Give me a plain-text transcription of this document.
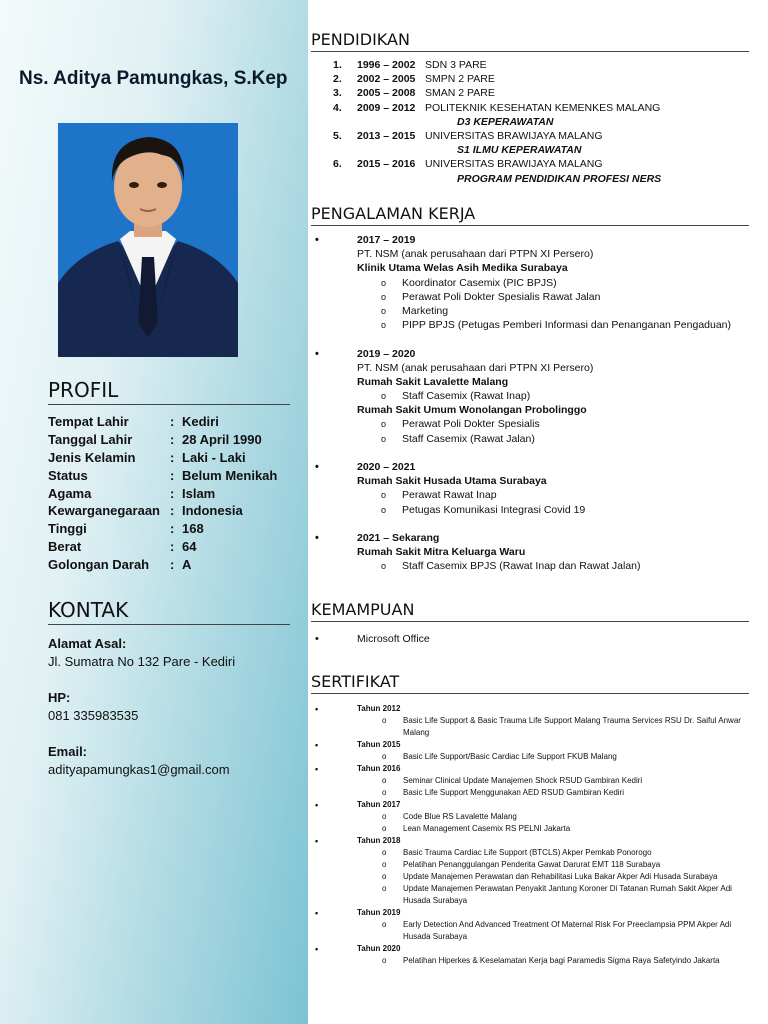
Ns. Aditya Pamungkas, S.Kep
PROFIL
Tempat Lahir	: Kediri
Tanggal Lahir	: 28 April 1990
Jenis Kelamin	: Laki - Laki
Status	: Belum Menikah
Agama	: Islam
Kewarganegaraan : Indonesia
Tinggi	: 168
Berat	: 64
Golongan Darah	: A
KONTAK
Alamat Asal:
Jl. Sumatra No 132 Pare - Kediri
HP:
081 335983535
Email:
adityapamungkas1@gmail.com
PENDIDIKAN
1.	1996 – 2002 SDN 3 PARE
2.	2002 – 2005 SMPN 2 PARE
3.	2005 – 2008 SMAN 2 PARE
4.	2009 – 2012 POLITEKNIK KESEHATAN KEMENKES MALANG
D3 KEPERAWATAN
5.	2013 – 2015 UNIVERSITAS BRAWIJAYA MALANG
S1 ILMU KEPERAWATAN
6.	2015 – 2016 UNIVERSITAS BRAWIJAYA MALANG
PROGRAM PENDIDIKAN PROFESI NERS
PENGALAMAN KERJA
• 2017 – 2019
PT. NSM (anak perusahaan dari PTPN XI Persero)
Klinik Utama Welas Asih Medika Surabaya
o Koordinator Casemix (PIC BPJS)
o Perawat Poli Dokter Spesialis Rawat Jalan
o Marketing
o PIPP BPJS (Petugas Pemberi Informasi dan Penanganan Pengaduan)
• 2019 – 2020
PT. NSM (anak perusahaan dari PTPN XI Persero)
Rumah Sakit Lavalette Malang
o Staff Casemix (Rawat Inap)
Rumah Sakit Umum Wonolangan Probolinggo
o Perawat Poli Dokter Spesialis
o Staff Casemix (Rawat Jalan)
• 2020 – 2021
Rumah Sakit Husada Utama Surabaya
o Perawat Rawat Inap
o Petugas Komunikasi Integrasi Covid 19
• 2021 – Sekarang
Rumah Sakit Mitra Keluarga Waru
o Staff Casemix BPJS (Rawat Inap dan Rawat Jalan)
KEMAMPUAN
• Microsoft Office
SERTIFIKAT
• Tahun 2012
o Basic Life Support & Basic Trauma Life Support Malang Trauma Services RSU Dr. Saiful Anwar Malang
• Tahun 2015
o Basic Life Support/Basic Cardiac Life Support FKUB Malang
• Tahun 2016
o Seminar Clinical Update Manajemen Shock RSUD Gambiran Kediri
o Basic Life Support Menggunakan AED RSUD Gambiran Kediri
• Tahun 2017
o Code Blue RS Lavalette Malang
o Lean Management Casemix RS PELNI Jakarta
• Tahun 2018
o Basic Trauma Cardiac Life Support (BTCLS) Akper Pemkab Ponorogo
o Pelatihan Penanggulangan Penderita Gawat Darurat EMT 118 Surabaya
o Update Manajemen Perawatan dan Rehabilitasi Luka Bakar Akper Adi Husada Surabaya
o Update Manajemen Perawatan Penyakit Jantung Koroner Di Tatanan Rumah Sakit Akper Adi Husada Surabaya
• Tahun 2019
o Early Detection And Advanced Treatment Of Maternal Risk For Preeclampsia PPM Akper Adi Husada Surabaya
• Tahun 2020
o Pelatihan Hiperkes & Keselamatan Kerja bagi Paramedis Sigma Raya Safetyindo Jakarta
